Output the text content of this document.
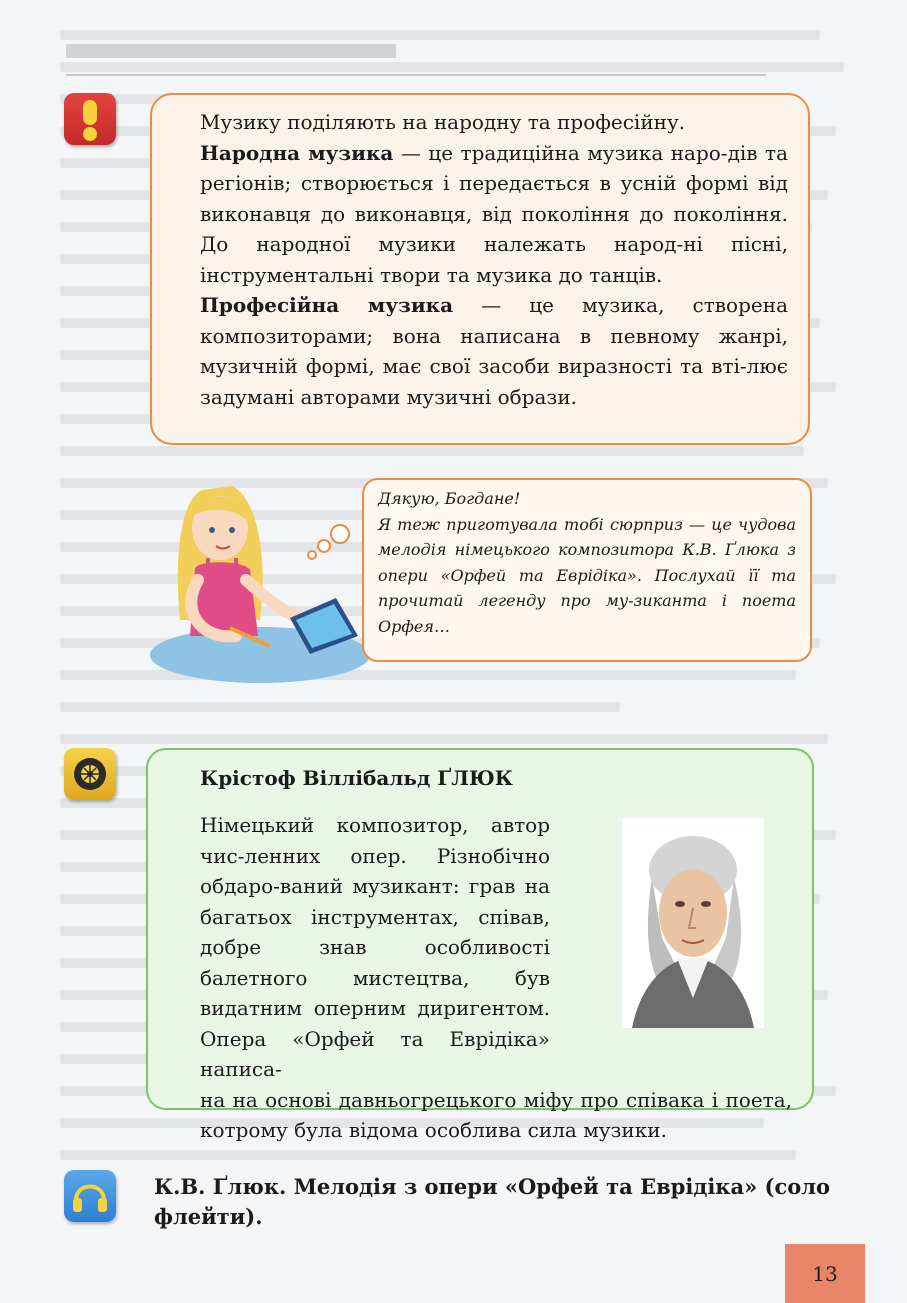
Музику поділяють на народну та професійну.

Народна музика — це традиційна музика наро-дів та регіонів; створюється і передається в усній формі від виконавця до виконавця, від покоління до покоління. До народної музики належать народ-ні пісні, інструментальні твори та музика до танців.

Професійна музика — це музика, створена композиторами; вона написана в певному жанрі, музичній формі, має свої засоби виразності та вті-лює задумані авторами музичні образи.

Дякую, Богдане!

Я теж приготувала тобі сюрприз — це чудова мелодія німецького композитора К.В. Ґлюка з опери «Орфей та Еврідіка». Послухай її та прочитай легенду про му-зиканта і поета Орфея…

Крістоф Віллібальд ҐЛЮК
Німецький композитор, автор чис-ленних опер. Різнобічно обдаро-ваний музикант: грав на багатьох інструментах, співав, добре знав особливості балетного мистецтва, був видатним оперним диригентом. Опера «Орфей та Еврідіка» написа-
на на основі давньогрецького міфу про співака і поета, котрому була відома особлива сила музики.
К.В. Ґлюк. Мелодія з опери «Орфей та Еврідіка» (соло флейти).
13
